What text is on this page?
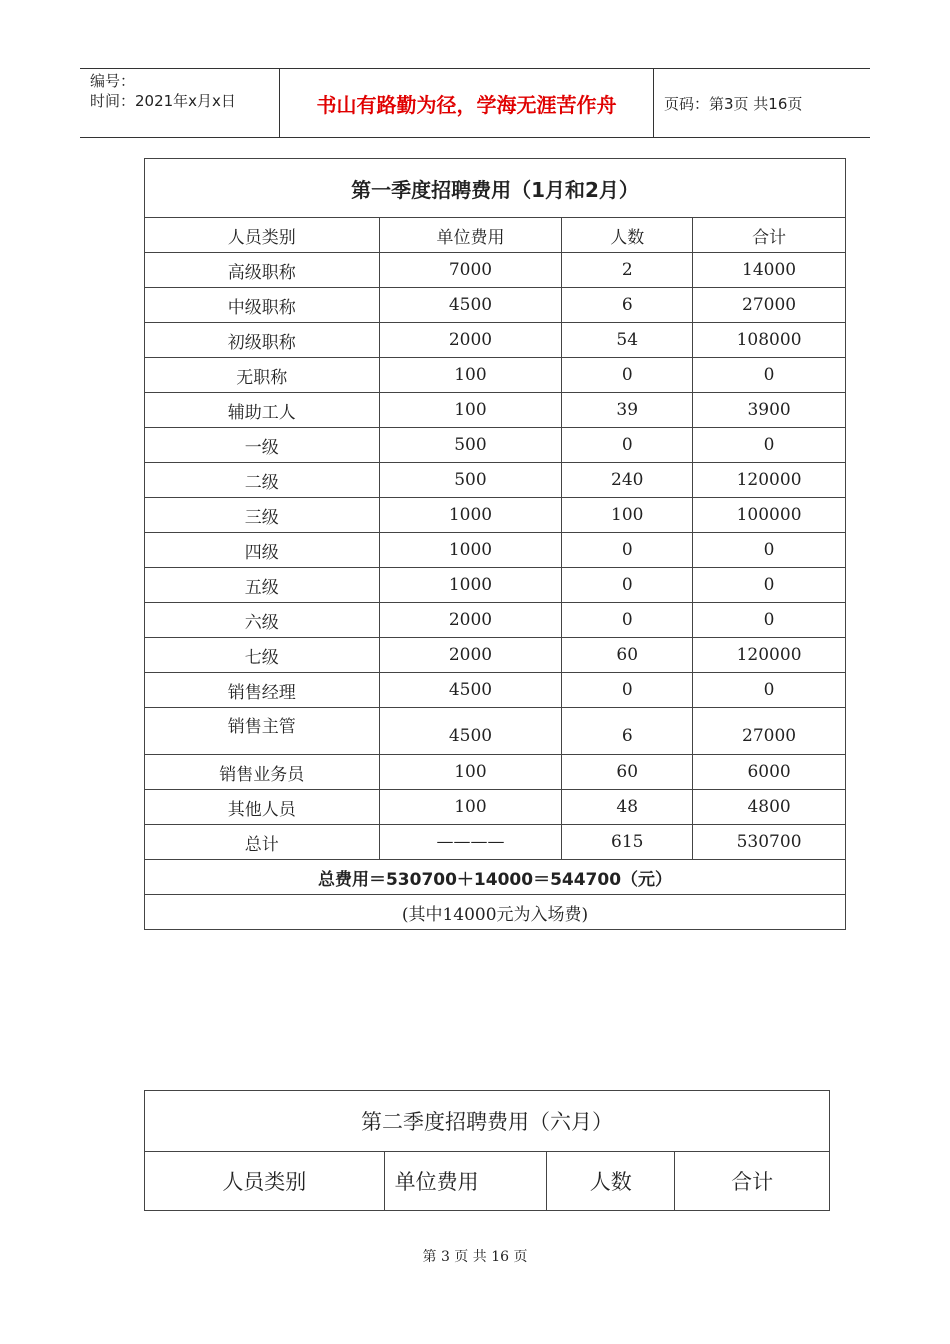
编号：
时间：2021年x月x日	书山有路勤为径，学海无涯苦作舟	页码：第3页 共16页
第一季度招聘费用（1月和2月）			
人员类别	单位费用	人数	合计
高级职称	7000	2	14000
中级职称	4500	6	27000
初级职称	2000	54	108000
无职称	100	0	0
辅助工人	100	39	3900
一级	500	0	0
二级	500	240	120000
三级	1000	100	100000
四级	1000	0	0
五级	1000	0	0
六级	2000	0	0
七级	2000	60	120000
销售经理	4500	0	0
销售主管	4500	6	27000
销售业务员	100	60	6000
其他人员	100	48	4800
总计	————	615	530700
总费用＝530700＋14000＝544700（元）			
(其中14000元为入场费)			
第二季度招聘费用（六月）
人员类别	单位费用	人数	合计
第 3 页 共 16 页
